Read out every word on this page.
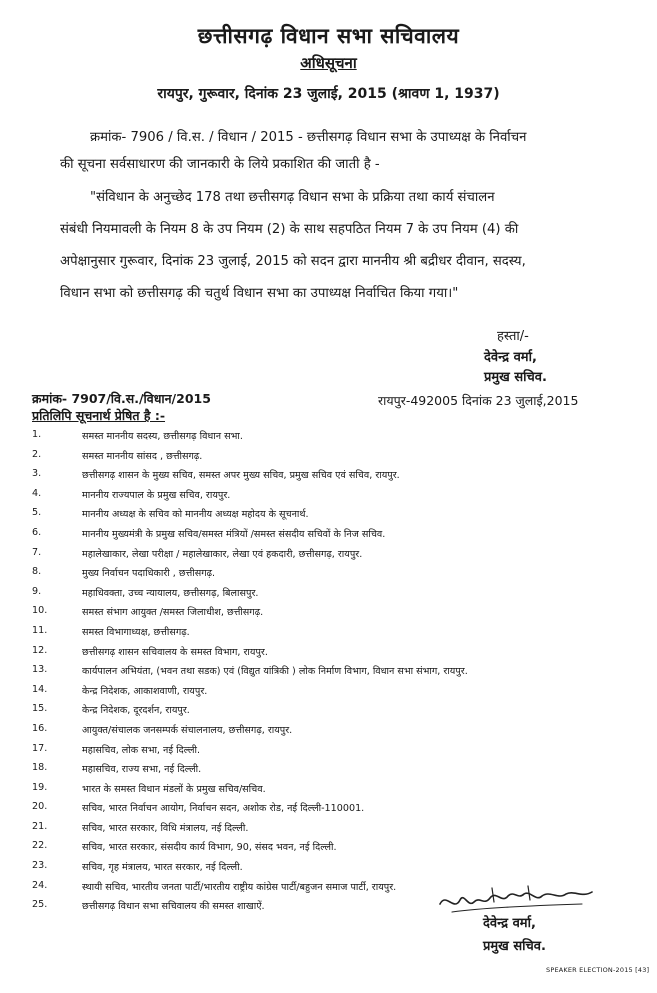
छत्तीसगढ़ विधान सभा सचिवालय
अधिसूचना
रायपुर, गुरूवार, दिनांक 23 जुलाई, 2015 (श्रावण 1, 1937)
क्रमांक- 7906 / वि.स. / विधान / 2015 - छत्तीसगढ़ विधान सभा के उपाध्यक्ष के निर्वाचन
की सूचना सर्वसाधारण की जानकारी के लिये प्रकाशित की जाती है -
"संविधान के अनुच्छेद 178 तथा छत्तीसगढ़ विधान सभा के प्रक्रिया तथा कार्य संचालन
संबंधी नियमावली के नियम 8 के उप नियम (2) के साथ सहपठित नियम 7 के उप नियम (4) की
अपेक्षानुसार गुरूवार, दिनांक 23 जुलाई, 2015 को सदन द्वारा माननीय श्री बद्रीधर दीवान, सदस्य,
विधान सभा को छत्तीसगढ़ की चतुर्थ विधान सभा का उपाध्यक्ष निर्वाचित किया गया।"
हस्ता/-
देवेन्द्र वर्मा,
प्रमुख सचिव.
क्रमांक- 7907/वि.स./विधान/2015	रायपुर-492005 दिनांक 23 जुलाई,2015
प्रतिलिपि सूचनार्थ प्रेषित है :-
1.	समस्त माननीय सदस्य, छत्तीसगढ़ विधान सभा.
2.	समस्त माननीय सांसद , छत्तीसगढ़.
3.	छत्तीसगढ़ शासन के मुख्य सचिव, समस्त अपर मुख्य सचिव, प्रमुख सचिव एवं सचिव, रायपुर.
4.	माननीय राज्यपाल के प्रमुख सचिव, रायपुर.
5.	माननीय अध्यक्ष के सचिव को माननीय अध्यक्ष महोदय के सूचनार्थ.
6.	माननीय मुख्यमंत्री के प्रमुख सचिव/समस्त मंत्रियों /समस्त संसदीय सचिवों के निज सचिव.
7.	महालेखाकार, लेखा परीक्षा / महालेखाकार, लेखा एवं हकदारी, छत्तीसगढ़, रायपुर.
8.	मुख्य निर्वाचन पदाधिकारी , छत्तीसगढ़.
9.	महाधिवक्ता, उच्च न्यायालय, छत्तीसगढ़, बिलासपुर.
10.	समस्त संभाग आयुक्त /समस्त जिलाधीश, छत्तीसगढ़.
11.	समस्त विभागाध्यक्ष, छत्तीसगढ़.
12.	छत्तीसगढ़ शासन सचिवालय के समस्त विभाग, रायपुर.
13.	कार्यपालन अभियंता, (भवन तथा सडक) एवं (विद्युत यांत्रिकी ) लोक निर्माण विभाग, विधान सभा संभाग, रायपुर.
14.	केन्द्र निदेशक, आकाशवाणी, रायपुर.
15.	केन्द्र निदेशक, दूरदर्शन, रायपुर.
16.	आयुक्त/संचालक जनसम्पर्क संचालनालय, छत्तीसगढ़, रायपुर.
17.	महासचिव, लोक सभा, नई दिल्ली.
18.	महासचिव, राज्य सभा, नई दिल्ली.
19.	भारत के समस्त विधान मंडलों के प्रमुख सचिव/सचिव.
20.	सचिव, भारत निर्वाचन आयोग, निर्वाचन सदन, अशोक रोड, नई दिल्ली-110001.
21.	सचिव, भारत सरकार, विधि मंत्रालय, नई दिल्ली.
22.	सचिव, भारत सरकार, संसदीय कार्य विभाग, 90, संसद भवन, नई दिल्ली.
23.	सचिव, गृह मंत्रालय, भारत सरकार, नई दिल्ली.
24.	स्थायी सचिव, भारतीय जनता पार्टी/भारतीय राष्ट्रीय कांग्रेस पार्टी/बहुजन समाज पार्टी, रायपुर.
25.	छत्तीसगढ़ विधान सभा सचिवालय की समस्त शाखाऐं.
देवेन्द्र वर्मा,
प्रमुख सचिव.
SPEAKER ELECTION-2015 [43]
